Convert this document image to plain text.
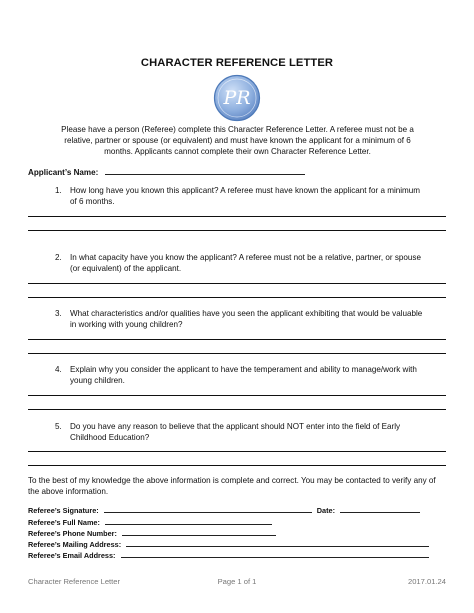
CHARACTER REFERENCE LETTER
PR
Please have a person (Referee) complete this Character Reference Letter. A referee must not be a relative, partner or spouse (or equivalent) and must have known the applicant for a minimum of 6 months. Applicants cannot complete their own Character Reference Letter.
Applicant’s Name:
1. How long have you known this applicant? A referee must have known the applicant for a minimum of 6 months.
2. In what capacity have you know the applicant? A referee must not be a relative, partner, or spouse (or equivalent) of the applicant.
3. What characteristics and/or qualities have you seen the applicant exhibiting that would be valuable in working with young children?
4. Explain why you consider the applicant to have the temperament and ability to manage/work with young children.
5. Do you have any reason to believe that the applicant should NOT enter into the field of Early Childhood Education?
To the best of my knowledge the above information is complete and correct. You may be contacted to verify any of the above information.
Referee’s Signature:	Date:
Referee’s Full Name:
Referee’s Phone Number:
Referee’s Mailing Address:
Referee’s Email Address:
Character Reference Letter	Page 1 of 1	2017.01.24
